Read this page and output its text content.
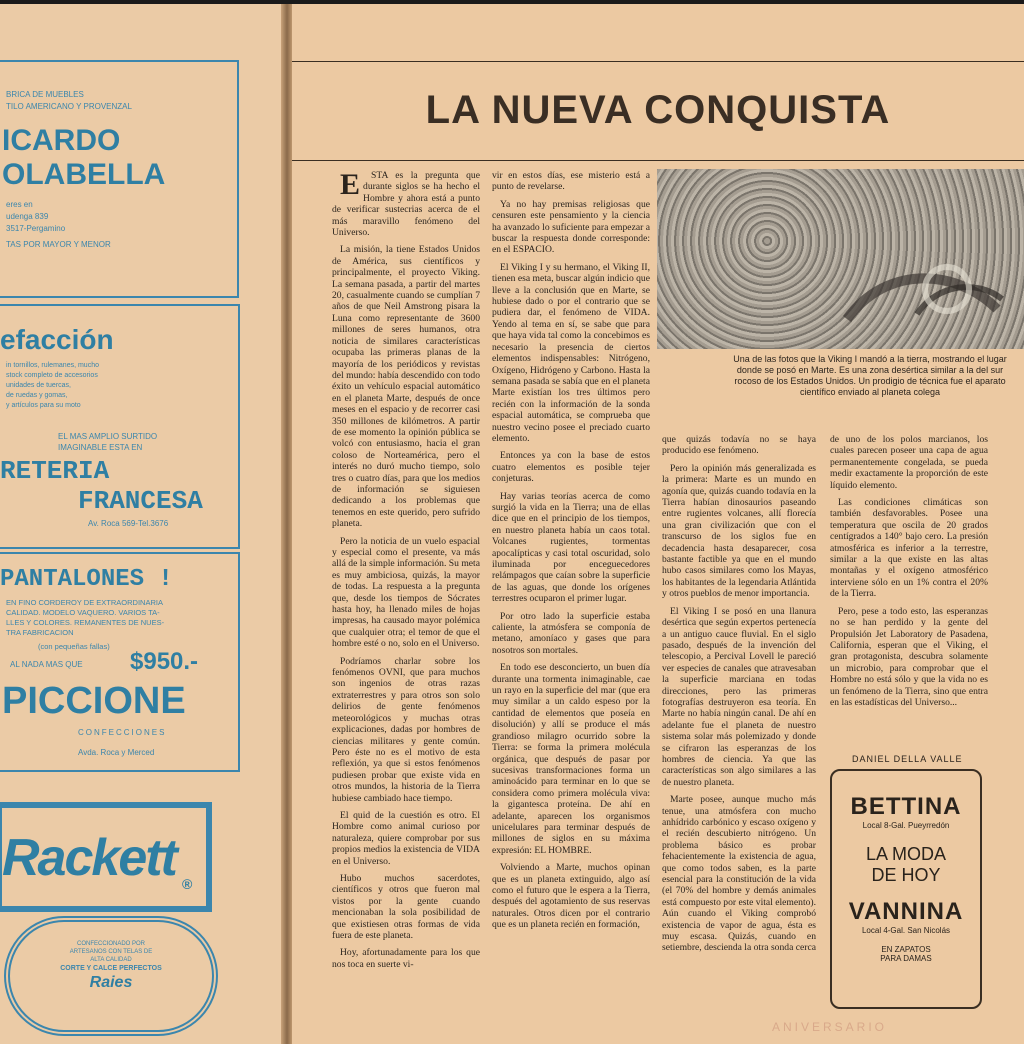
BRICA DE MUEBLES
TILO AMERICANO Y PROVENZAL
ICARDO
OLABELLA
eres en
udenga 839
3517-Pergamino
TAS POR MAYOR Y MENOR
efacción
in tornillos, rulemanes, mucho
stock completo de accesorios
unidades de tuercas,
de ruedas y gomas,
y artículos para su moto
EL MAS AMPLIO SURTIDO
IMAGINABLE ESTA EN
RETERIA
FRANCESA
Av. Roca 569-Tel.3676
PANTALONES !
EN FINO CORDEROY DE EXTRAORDINARIA
CALIDAD. MODELO VAQUERO. VARIOS TA-
LLES Y COLORES. REMANENTES DE NUES-
TRA FABRICACION
(con pequeñas fallas)
AL NADA MAS QUE $950.-
PICCIONE
CONFECCIONES
Avda. Roca y Merced
Rackett ®
CONFECCIONADO POR
ARTESANOS CON TELAS DE
ALTA CALIDAD
CORTE Y CALCE PERFECTOS
Raies
LA NUEVA CONQUISTA

E STA es la pregunta que durante siglos se ha hecho el Hombre y ahora está a punto de verificar sustecrias acerca de el más maravillo fenómeno del Universo.

La misión, la tiene Estados Unidos de América, sus científicos y principalmente, el proyecto Viking. La semana pasada, a partir del martes 20, casualmente cuando se cumplían 7 años de que Neil Amstrong pisara la Luna como representante de 3600 millones de seres humanos, otra noticia de similares características ocupaba las primeras planas de la mayoría de los periódicos y revistas del mundo: había descendido con todo éxito un vehículo espacial automático en el planeta Marte, después de once meses en el espacio y de recorrer casi 350 millones de kilómetros. A partir de ese momento la opinión pública se volcó con entusiasmo, hacia el gran coloso de Norteamérica, pero el interés no duró mucho tiempo, solo tres o cuatro días, para que los medios de información se siguiesen dedicando a los problemas que tenemos en este querido, pero sufrido planeta.

Pero la noticia de un vuelo espacial y especial como el presente, va más allá de la simple información. Su meta es muy ambiciosa, quizás, la mayor de todas. La respuesta a la pregunta que, desde los tiempos de Sócrates hasta hoy, ha llenado miles de hojas impresas, ha causado mayor polémica que cualquier otra; el temor de que el hombre esté o no, solo en el Universo.

Podríamos charlar sobre los fenómenos OVNI, que para muchos son ingenios de otras razas extraterrestres y para otros son solo delirios de gente fenómenos meteorológicos y muchas otras explicaciones, dadas por hombres de ciencias militares y gente común. Pero éste no es el motivo de esta reflexión, ya que si estos fenómenos pudiesen probar que existe vida en otros mundos, la historia de la Tierra hubiese cambiado hace tiempo.

El quid de la cuestión es otro. El Hombre como animal curioso por naturaleza, quiere comprobar por sus propios medios la existencia de VIDA en el Universo.

Hubo muchos sacerdotes, científicos y otros que fueron mal vistos por la gente cuando mencionaban la sola posibilidad de que existiesen otras formas de vida fuera de este planeta.

Hoy, afortunadamente para los que nos toca en suerte vi-

vir en estos días, ese misterio está a punto de revelarse.

Ya no hay premisas religiosas que censuren este pensamiento y la ciencia ha avanzado lo suficiente para empezar a buscar la respuesta donde corresponde: en el ESPACIO.

El Viking I y su hermano, el Viking II, tienen esa meta, buscar algún indicio que lleve a la conclusión que en Marte, se hubiese dado o por el contrario que se pudiera dar, el fenómeno de VIDA. Yendo al tema en sí, se sabe que para que haya vida tal como la concebimos es necesario la presencia de ciertos elementos indispensables: Nitrógeno, Oxígeno, Hidrógeno y Carbono. Hasta la semana pasada se sabía que en el planeta Marte existían los tres últimos pero recién con la información de la sonda espacial automática, se comprueba que nuestro vecino posee el preciado cuarto elemento.

Entonces ya con la base de estos cuatro elementos es posible tejer conjeturas.

Hay varias teorías acerca de como surgió la vida en la Tierra; una de ellas dice que en el principio de los tiempos, en nuestro planeta había un caos total. Volcanes rugientes, tormentas apocalípticas y casi total oscuridad, solo iluminada por enceguecedores relámpagos que caían sobre la superficie de las aguas, que donde los orígenes terrestres ocuparon el primer lugar.

Por otro lado la superficie estaba caliente, la atmósfera se componía de metano, amoníaco y gases que para nosotros son mortales.

En todo ese desconcierto, un buen día durante una tormenta inimaginable, cae un rayo en la superficie del mar (que era muy similar a un caldo espeso por la cantidad de elementos que poseía en disolución) y allí se produce el más grandioso milagro ocurrido sobre la Tierra: se forma la primera molécula orgánica, que después de pasar por sucesivas transformaciones forma un aminoácido para terminar en lo que se considera como primera molécula viva: la gigantesca proteína. De ahí en adelante, aparecen los organismos unicelulares para terminar después de millones de siglos en su máxima expresión: EL HOMBRE.

Volviendo a Marte, muchos opinan que es un planeta extinguido, algo así como el futuro que le espera a la Tierra, después del agotamiento de sus reservas naturales. Otros dicen por el contrario que es un planeta recién en formación,

Una de las fotos que la Viking I mandó a la tierra, mostrando el lugar donde se posó en Marte. Es una zona desértica similar a la del sur rocoso de los Estados Unidos. Un prodigio de técnica fue el aparato científico enviado al planeta colega

que quizás todavía no se haya producido ese fenómeno.

Pero la opinión más generalizada es la primera: Marte es un mundo en agonía que, quizás cuando todavía en la Tierra habían dinosaurios paseando entre rugientes volcanes, allí florecía una gran civilización que con el transcurso de los siglos fue en decadencia hasta desaparecer, cosa bastante factible ya que en el mundo hubo casos similares como los Mayas, los habitantes de la legendaria Atlántida y otros pueblos de menor importancia.

El Viking I se posó en una llanura desértica que según expertos pertenecía a un antiguo cauce fluvial. En el siglo pasado, después de la invención del telescopio, a Percival Lovell le pareció ver especies de canales que atravesaban la superficie marciana en todas direcciones, pero las primeras fotografías destruyeron esa teoría. En Marte no había ningún canal. De ahí en adelante fue el planeta de nuestro sistema solar más polemizado y donde se cifraron las esperanzas de los hombres de ciencia. Ya que las características son algo similares a las de nuestro planeta.

Marte posee, aunque mucho más tenue, una atmósfera con mucho anhídrido carbónico y escaso oxígeno y el recién descubierto nitrógeno. Un problema básico es probar fehacientemente la existencia de agua, que como todos saben, es la parte esencial para la constitución de la vida (el 70% del hombre y demás animales está compuesto por este vital elemento). Aún cuando el Viking comprobó existencia de vapor de agua, ésta es muy escasa. Quizás, cuando en setiembre, descienda la otra sonda cerca

de uno de los polos marcianos, los cuales parecen poseer una capa de agua permanentemente congelada, se pueda medir exactamente la proporción de este líquido elemento.

Las condiciones climáticas son también desfavorables. Posee una temperatura que oscila de 20 grados centígrados a 140° bajo cero. La presión atmosférica es inferior a la terrestre, similar a la que existe en las altas montañas y el oxígeno atmosférico interviene sólo en un 1% contra el 20% de la Tierra.

Pero, pese a todo esto, las esperanzas no se han perdido y la gente del Propulsión Jet Laboratory de Pasadena, California, esperan que el Viking, el gran protagonista, descubra solamente un microbio, para comprobar que el Hombre no está sólo y que la vida no es un fenómeno de la Tierra, sino que entra en las estadísticas del Universo...

DANIEL DELLA VALLE
BETTINA
Local 8-Gal. Pueyrredón
LA MODA
DE HOY
VANNINA
Local 4-Gal. San Nicolás
EN ZAPATOS
PARA DAMAS
ANIVERSARIO
